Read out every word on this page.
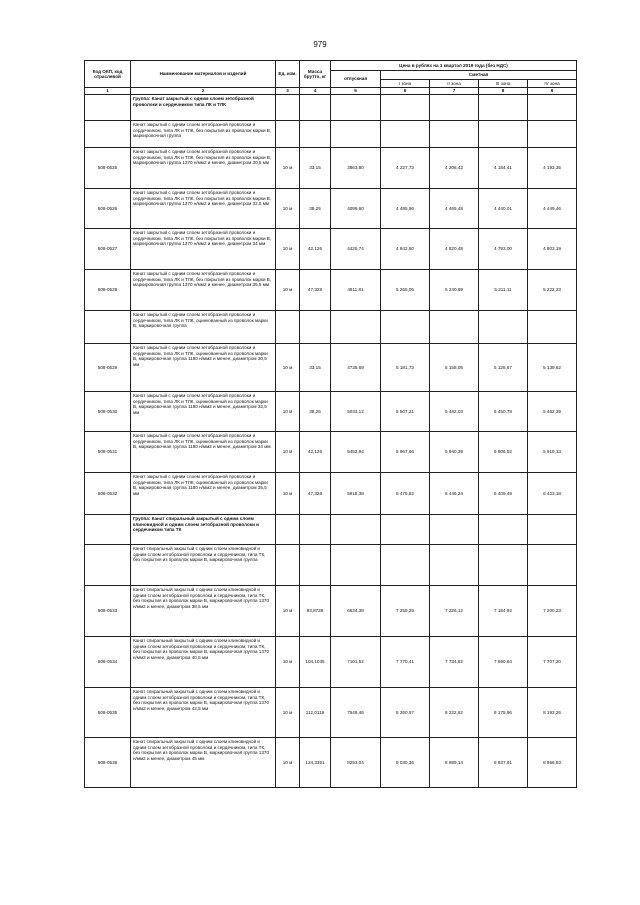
979
Код ОКП, код отраслевой	Наименование материалов и изделий	Ед. изм.	Масса брутто, кг	Цена в рублях на 1 квартал 2019 года (без НДС)				
				отпускная	Сметная			
					I зона	II зона	III зона	IV зона
1	2	3	4	5	6	7	8	9
	Группа: Канат закрытый с одним слоем зетобразной проволоки и сердечником типа ЛК и ТЛК							
	Канат закрытый с одним слоем зетобразной проволоки и сердечником, типа ЛК и ТЛК, без покрытия из проволок марки В, маркировочная группа							
508-0525	Канат закрытый с одним слоем зетобразной проволоки и сердечником, типа ЛК и ТЛК, без покрытия из проволок марки В, маркировочная группа 1370 н/мм2 и менее, диаметром 30,5 мм	10 м	33,15	3863,80	4 227,73	4 208,42	4 184,41	4 193,35
508-0526	Канат закрытый с одним слоем зетобразной проволоки и сердечником, типа ЛК и ТЛК, без покрытия из проволок марки В, маркировочная группа 1370 н/мм2 и менее, диаметром 32,5 мм	10 м	38,25	4099,60	4 485,96	4 465,48	4 440,01	4 449,46
508-0527	Канат закрытый с одним слоем зетобразной проволоки и сердечником, типа ЛК и ТЛК, без покрытия из проволок марки В, маркировочная группа 1370 н/мм2 и менее, диаметром 34 мм	10 м	42,126	4425,74	4 842,60	4 820,48	4 793,00	4 803,19
508-0528	Канат закрытый с одним слоем зетобразной проволоки и сердечником, типа ЛК и ТЛК, без покрытия из проволок марки В, маркировочная группа 1370 н/мм2 и менее, диаметром 35,5 мм	10 м	47,328	4811,81	5 265,05	5 240,99	5 211,11	5 222,23
	Канат закрытый с одним слоем зетобразной проволоки и сердечником, типа ЛК и ТЛК, оцинкованный из проволок марки В, маркировочная группа							
508-0529	Канат закрытый с одним слоем зетобразной проволоки и сердечником, типа ЛК и ТЛК, оцинкованный из проволок марки В, маркировочная группа 1180 н/мм2 и менее, диаметром 30,5 мм	10 м	33,15	4735,69	5 181,73	5 158,05	5 128,67	5 139,62
508-0530	Канат закрытый с одним слоем зетобразной проволоки и сердечником, типа ЛК и ТЛК, оцинкованный из проволок марки В, маркировочная группа 1180 н/мм2 и менее, диаметром 32,5 мм	10 м	38,25	5033,12	5 507,21	5 482,03	5 450,78	5 462,39
508-0531	Канат закрытый с одним слоем зетобразной проволоки и сердечником, типа ЛК и ТЛК, оцинкованный из проволок марки В, маркировочная группа 1180 н/мм2 и менее, диаметром 34 мм	10 м	42,126	5453,94	5 967,66	5 940,39	5 906,52	5 919,13
508-0532	Канат закрытый с одним слоем зетобразной проволоки и сердечником, типа ЛК и ТЛК, оцинкованный из проволок марки В, маркировочная группа 1180 н/мм2 и менее, диаметром 35,5 мм	10 м	47,328	5918,38	6 475,82	6 446,24	6 409,49	6 423,18
	Группа: Канат спиральный закрытый с одним слоем клиновидной и одним слоем зетобразной проволоки и сердечником типа ТК							
	Канат спиральный закрытый с одним слоем клиновидной и одним слоем зетобразной проволоки и сердечником, типа ТК, без покрытия из проволок марки В, маркировочная группа							
508-0533	Канат спиральный закрытый с одним слоем клиновидной и одним слоем зетобразной проволоки и сердечником, типа ТК, без покрытия из проволок марки В, маркировочная группа 1370 н/мм2 и менее, диаметром 38,5 мм	10 м	93,8736	6634,38	7 259,29	7 226,12	7 184,92	7 200,23
508-0534	Канат спиральный закрытый с одним слоем клиновидной и одним слоем зетобразной проволоки и сердечником, типа ТК, без покрытия из проволок марки В, маркировочная группа 1370 н/мм2 и менее, диаметром 40,5 мм	10 м	104,1035	7101,52	7 770,41	7 734,82	7 690,84	7 707,20
508-0535	Канат спиральный закрытый с одним слоем клиновидной и одним слоем зетобразной проволоки и сердечником, типа ТК, без покрытия из проволок марки В, маркировочная группа 1370 н/мм2 и менее, диаметром 42,5 мм	10 м	112,0119	7549,46	8 260,57	8 222,62	8 175,96	8 193,26
508-0536	Канат спиральный закрытый с одним слоем клиновидной и одним слоем зетобразной проволоки и сердечником, типа ТК, без покрытия из проволок марки В, маркировочная группа 1370 н/мм2 и менее, диаметром 45 мм	10 м	124,3351	8253,04	9 030,36	8 989,14	8 937,91	8 956,93
